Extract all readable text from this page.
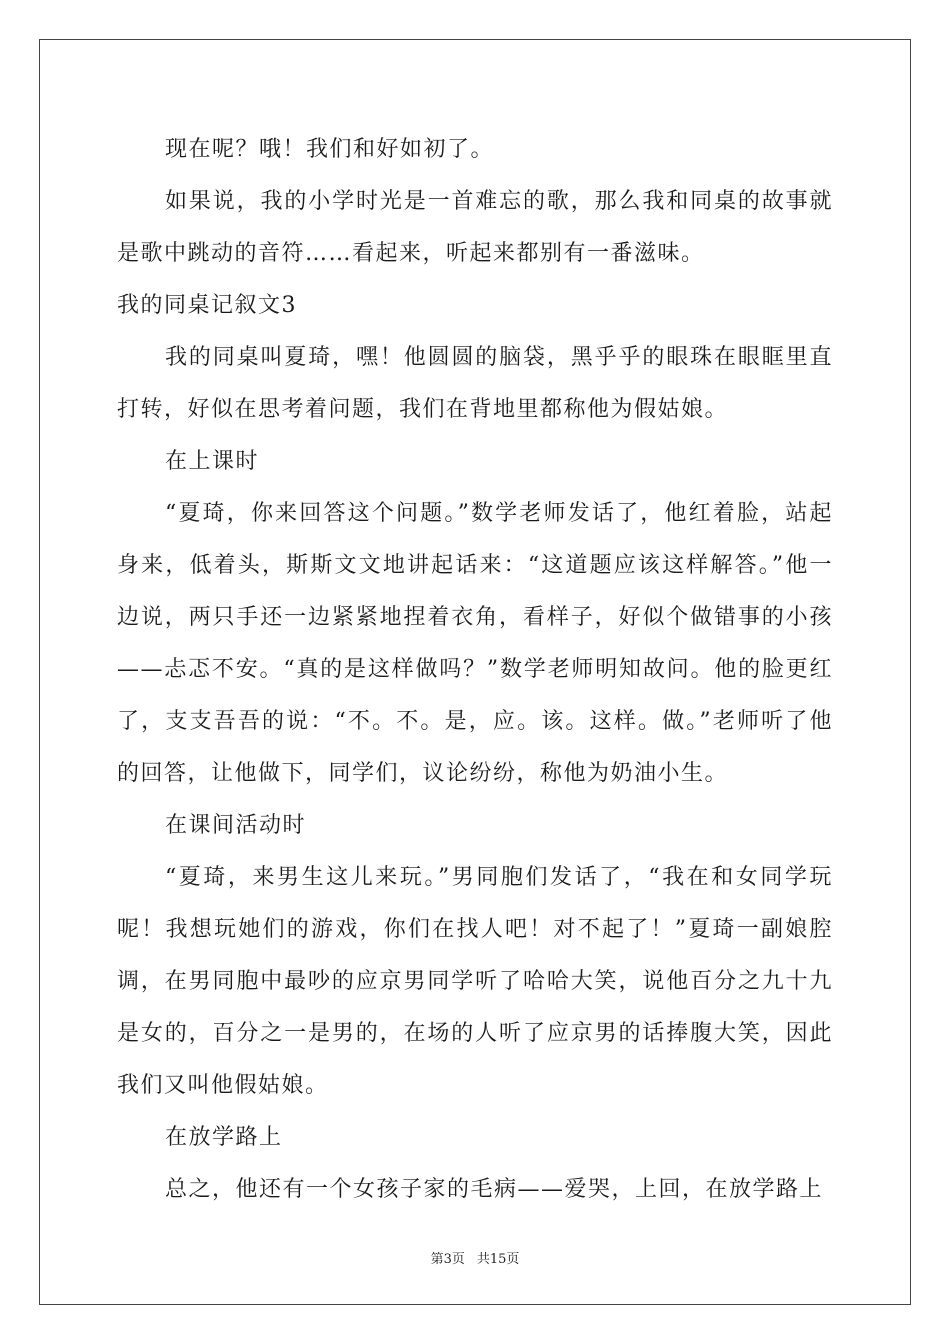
现在呢？哦！我们和好如初了。

如果说，我的小学时光是一首难忘的歌，那么我和同桌的故事就是歌中跳动的音符……看起来，听起来都别有一番滋味。

我的同桌记叙文3

我的同桌叫夏琦，嘿！他圆圆的脑袋，黑乎乎的眼珠在眼眶里直打转，好似在思考着问题，我们在背地里都称他为假姑娘。

在上课时

“夏琦，你来回答这个问题。”数学老师发话了，他红着脸，站起身来，低着头，斯斯文文地讲起话来：“这道题应该这样解答。”他一边说，两只手还一边紧紧地捏着衣角，看样子，好似个做错事的小孩——忐忑不安。“真的是这样做吗？”数学老师明知故问。他的脸更红了，支支吾吾的说：“不。不。是，应。该。这样。做。”老师听了他的回答，让他做下，同学们，议论纷纷，称他为奶油小生。

在课间活动时

“夏琦，来男生这儿来玩。”男同胞们发话了，“我在和女同学玩呢！我想玩她们的游戏，你们在找人吧！对不起了！”夏琦一副娘腔调，在男同胞中最吵的应京男同学听了哈哈大笑，说他百分之九十九是女的，百分之一是男的，在场的人听了应京男的话捧腹大笑，因此我们又叫他假姑娘。

在放学路上

总之，他还有一个女孩子家的毛病——爱哭，上回，在放学路上

第3页 共15页
